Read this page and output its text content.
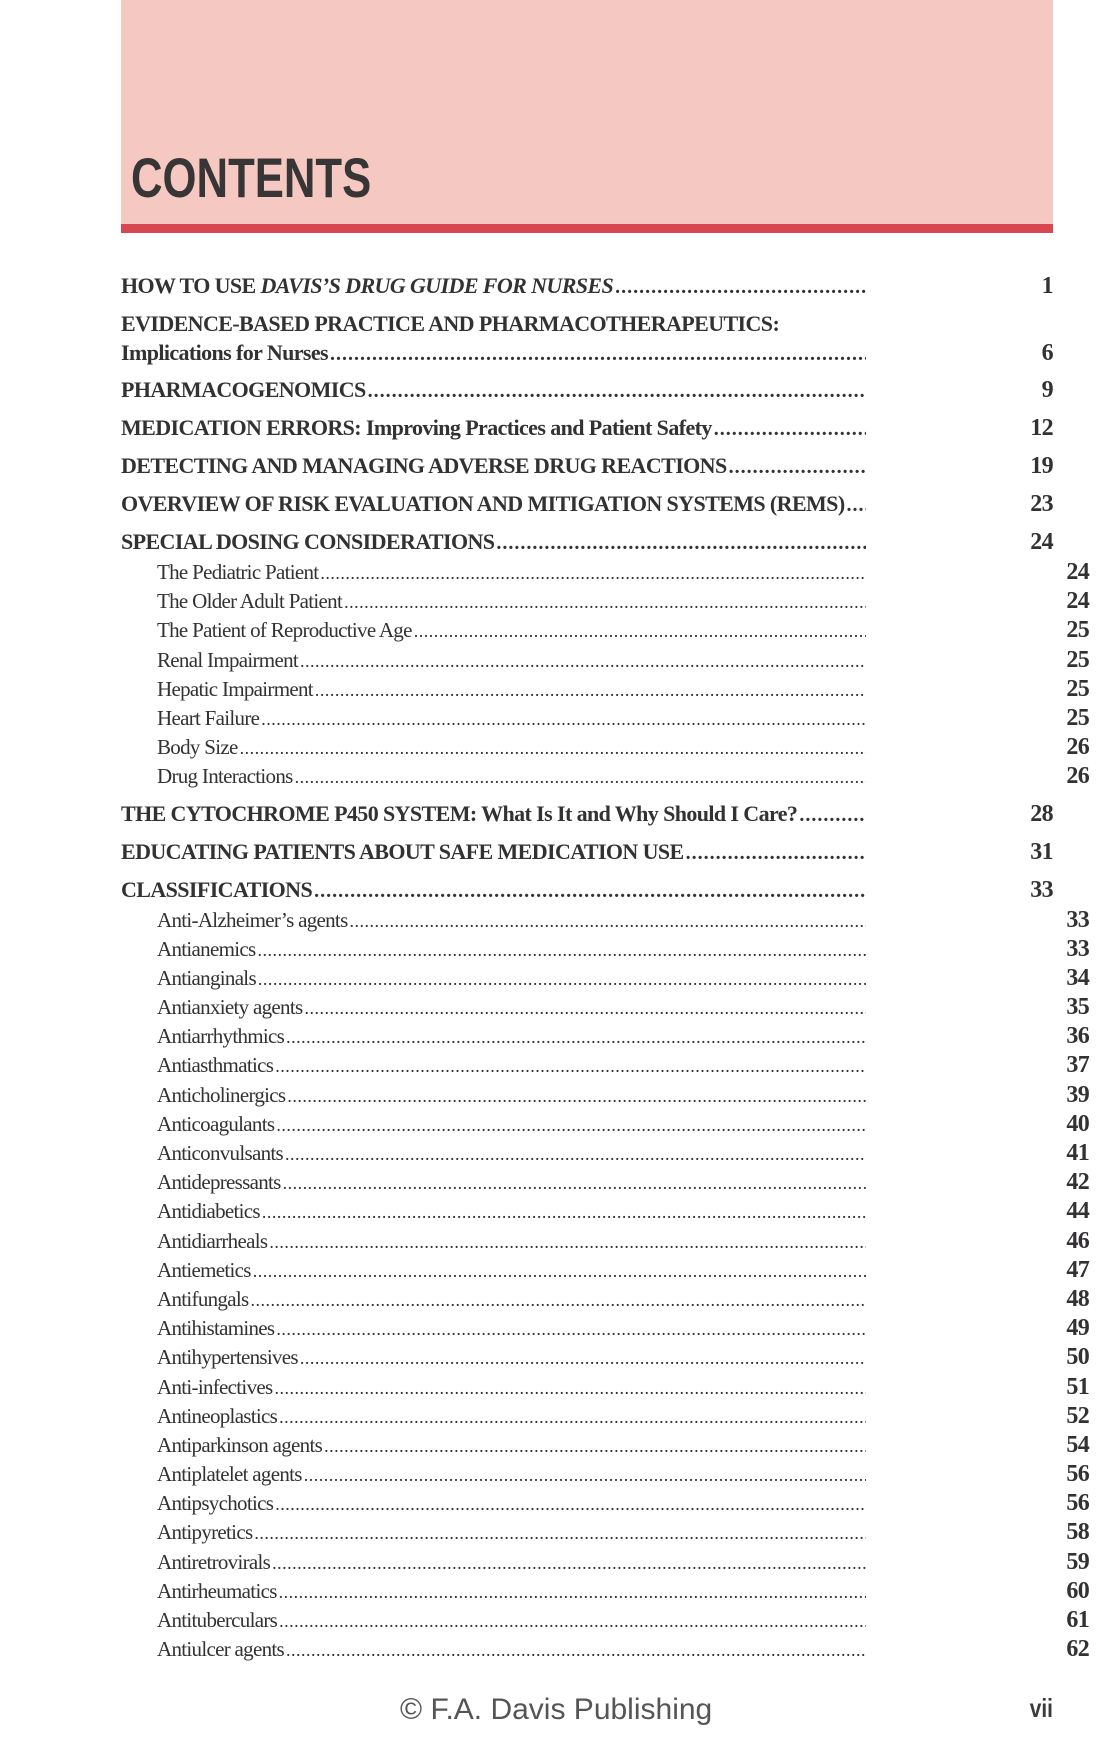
CONTENTS
HOW TO USE DAVIS’S DRUG GUIDE FOR NURSES . . .	1
EVIDENCE-BASED PRACTICE AND PHARMACOTHERAPEUTICS:
Implications for Nurses . . .	6
PHARMACOGENOMICS . . .	9
MEDICATION ERRORS: Improving Practices and Patient Safety . . .	12
DETECTING AND MANAGING ADVERSE DRUG REACTIONS . . .	19
OVERVIEW OF RISK EVALUATION AND MITIGATION SYSTEMS (REMS) . . .	23
SPECIAL DOSING CONSIDERATIONS . . .	24
The Pediatric Patient . . .	24
The Older Adult Patient . . .	24
The Patient of Reproductive Age . . .	25
Renal Impairment . . .	25
Hepatic Impairment . . .	25
Heart Failure . . .	25
Body Size . . .	26
Drug Interactions . . .	26
THE CYTOCHROME P450 SYSTEM: What Is It and Why Should I Care? . . .	28
EDUCATING PATIENTS ABOUT SAFE MEDICATION USE . . .	31
CLASSIFICATIONS . . .	33
Anti-Alzheimer’s agents . . .	33
Antianemics . . .	33
Antianginals . . .	34
Antianxiety agents . . .	35
Antiarrhythmics . . .	36
Antiasthmatics . . .	37
Anticholinergics . . .	39
Anticoagulants . . .	40
Anticonvulsants . . .	41
Antidepressants . . .	42
Antidiabetics . . .	44
Antidiarrheals . . .	46
Antiemetics . . .	47
Antifungals . . .	48
Antihistamines . . .	49
Antihypertensives . . .	50
Anti-infectives . . .	51
Antineoplastics . . .	52
Antiparkinson agents . . .	54
Antiplatelet agents . . .	56
Antipsychotics . . .	56
Antipyretics . . .	58
Antiretrovirals . . .	59
Antirheumatics . . .	60
Antituberculars . . .	61
Antiulcer agents . . .	62
© F.A. Davis Publishing	vii
